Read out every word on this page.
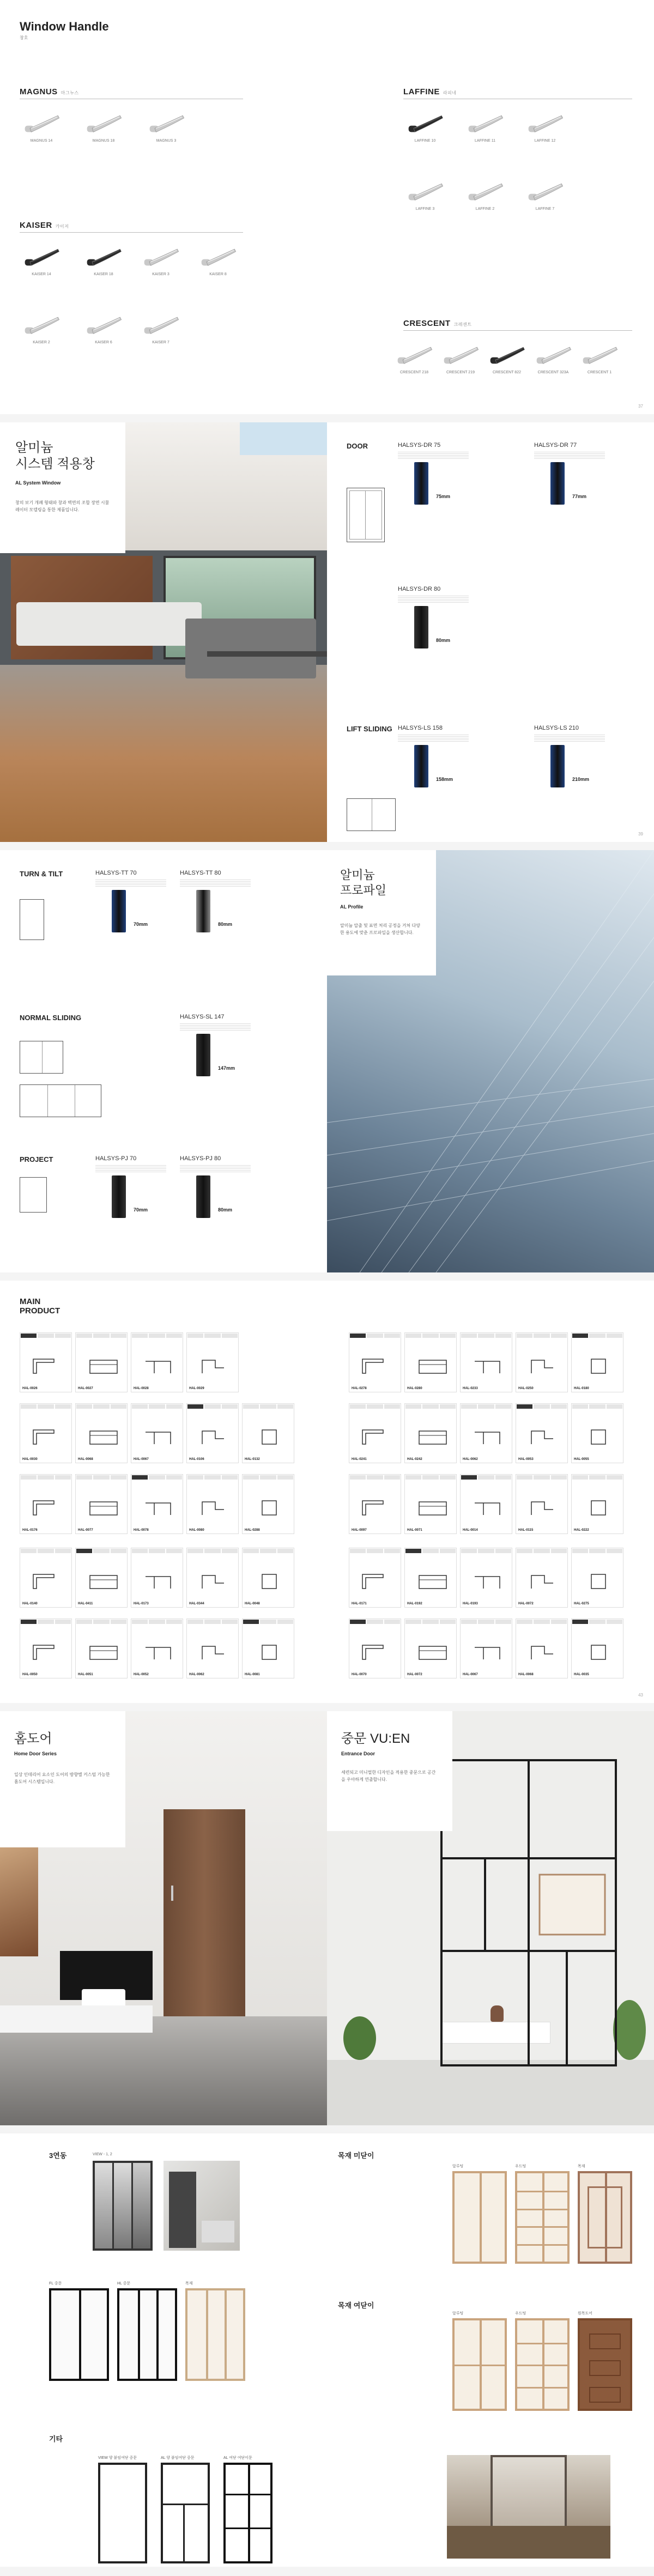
Window Handle
창호
MAGNUS 마그누스
MAGNUS 14	MAGNUS 18	MAGNUS 3
LAFFINE 라피네
LAFFINE 10	LAFFINE 11	LAFFINE 12
LAFFINE 3	LAFFINE 2	LAFFINE 7
KAISER 카이저
KAISER 14	KAISER 18	KAISER 3	KAISER 8
KAISER 2	KAISER 6	KAISER 7
CRESCENT 크레센트
CRESCENT 218	CRESCENT 219	CRESCENT 822	CRESCENT 323A	CRESCENT 1
37
알미늄
시스템 적용창
AL System Window
창의 보기 개폐 형태와 창과 벽면의 조합 장면 시뮬레이터 모델링을 통한 제품입니다.
DOOR	HALSYS-DR 75

75mm
HALSYS-DR 77

77mm
HALSYS-DR 80

80mm
LIFT SLIDING HALSYS-LS 158

158mm
HALSYS-LS 210

210mm
39
TURN & TILT
NORMAL SLIDING
PROJECT
HALSYS-TT 70

70mm
HALSYS-TT 80

80mm
HALSYS-SL 147

147mm
HALSYS-PJ 70

70mm
HALSYS-PJ 80

80mm
알미늄
프로파일
AL Profile
알미늄 압출 및 표면 처리 공정을 거쳐 다양한 용도에 맞춘 프로파일을 생산합니다.
MAIN
PRODUCT
HAL-0026	HAL-0027	HAL-0028	HAL-0029
HAL-0030	HAL-0068	HAL-0067	HAL-0106	HAL-0132
HAL-0176	HAL-0077	HAL-0078	HAL-0080	HAL-0288
HAL-0140	HAL-0411	HAL-0173	HAL-0344	HAL-0048
HAL-0050	HAL-0051	HAL-0052	HAL-0062	HAL-0081
HAL-0278	HAL-0280	HAL-0233	HAL-0250	HAL-0180
HAL-0241	HAL-0242	HAL-0062	HAL-0053	HAL-0055
HAL-0097	HAL-0071	HAL-0014	HAL-0115	HAL-0222
HAL-0171	HAL-0192	HAL-0193	HAL-0072	HAL-0275
HAL-0070	HAL-0072	HAL-0067	HAL-0068	HAL-0035
43
홈도어
Home Door Series
일상 인테리어 요소인 도어의 방향별 커스텀 가능한 홈도어 시스템입니다.
중문 VU:EN
Entrance Door
세련되고 미니멀한 디자인을 적용한 중문으로 공간을 우아하게 연출합니다.
3연동	VIEW - 1, 2
FL 중문	HL 중문	목재
기타
VIEW 양 붙임여닫 중문	AL 양 붙임여닫 중문	AL 여닫 여닫이문
목재 미닫이
알루팅	우드팅	목재
목재 여닫이
알루팅	우드팅	원목도어
